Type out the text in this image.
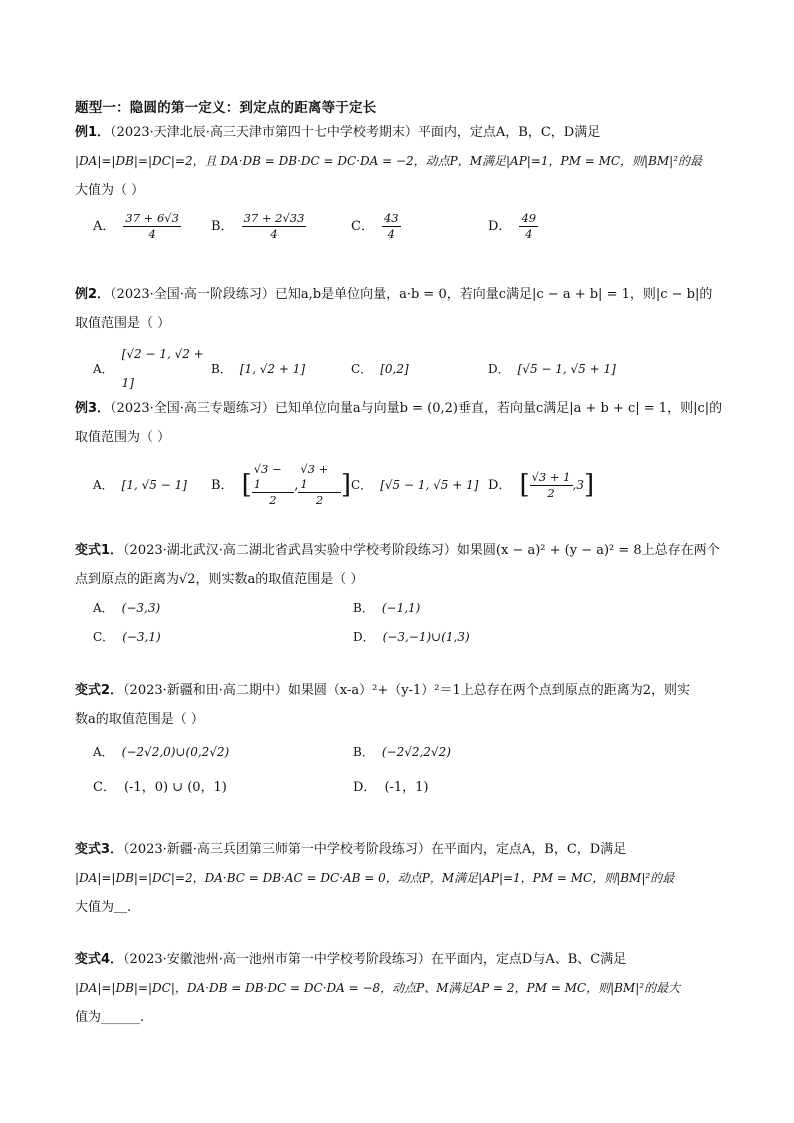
题型一：隐圆的第一定义：到定点的距离等于定长
例1．（2023·天津北辰·高三天津市第四十七中学校考期末）平面内，定点A，B，C，D满足
|DA|=|DB|=|DC|=2，且 DA·DB = DB·DC = DC·DA = −2，动点P，M满足|AP|=1，PM = MC，则|BM|²的最
大值为（ ）
A． $\frac{37 + 6√3}{4}$ B． $\frac{37 + 2√33}{4}$	C． $\frac{43}{4}$	D． $\frac{49}{4}$
例2．（2023·全国·高一阶段练习）已知a,b是单位向量，a·b = 0，若向量c满足|c − a + b| = 1，则|c − b|的
取值范围是（ ）
A．
[√2 − 1, √2 + 1]
B． [1, √2 + 1]	C． [0,2]	D． [√5 − 1, √5 + 1]
例3．（2023·全国·高三专题练习）已知单位向量a与向量b = (0,2)垂直，若向量c满足|a + b + c| = 1，则|c|的
取值范围为（ ）
A． [1, √5 − 1] B． [ $\frac{√3 - 1}{2}$ , $\frac{√3 + 1}{2}$ ] C． [√5 − 1, √5 + 1] D． [ $\frac{√3 + 1}{2}$ , 3 ]
变式1．（2023·湖北武汉·高二湖北省武昌实验中学校考阶段练习）如果圆(x − a)² + (y − a)² = 8上总存在两个
点到原点的距离为√2，则实数a的取值范围是（ ）
A． (−3,3)	B． (−1,1)
C． (−3,1)	D． (−3,−1)∪(1,3)
变式2．（2023·新疆和田·高二期中）如果圆（x-a）²+（y-1）²＝1上总存在两个点到原点的距离为2，则实
数a的取值范围是（ ）
A． (−2√2,0)∪(0,2√2)	B． (−2√2,2√2)
C． (-1，0) ∪ (0，1)	D． (-1，1)
变式3．（2023·新疆·高三兵团第三师第一中学校考阶段练习）在平面内，定点A，B，C，D满足
|DA|=|DB|=|DC|=2，DA·BC = DB·AC = DC·AB = 0，动点P，M满足|AP|=1，PM = MC，则|BM|²的最
大值为＿.
变式4．（2023·安徽池州·高一池州市第一中学校考阶段练习）在平面内，定点D与A、B、C满足
|DA|=|DB|=|DC|，DA·DB = DB·DC = DC·DA = −8，动点P、M满足AP = 2，PM = MC，则|BM|²的最大
值为______.
